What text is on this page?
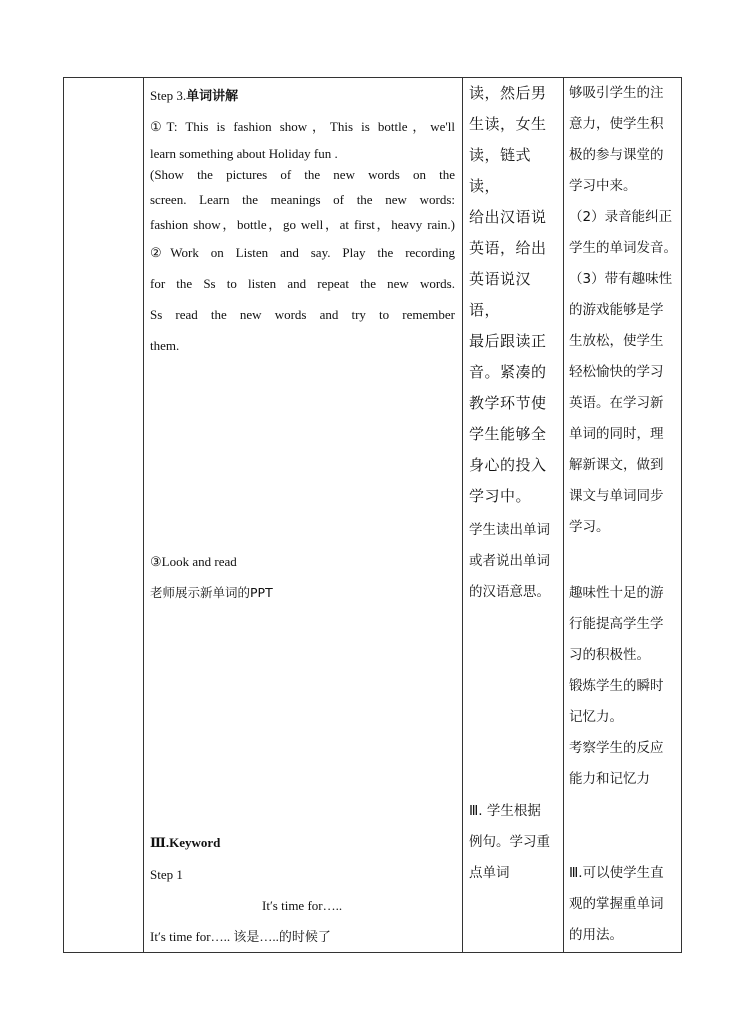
Step 3.单词讲解
①T: This is fashion show，This is bottle，we'll
learn something about Holiday fun .
(Show the pictures of the new words on the
screen. Learn the meanings of the new words:
fashion show，bottle，go well，at first，heavy rain.)
②Work on Listen and say. Play the recording
for the Ss to listen and repeat the new words.
Ss read the new words and try to remember
them.
③Look and read
老师展示新单词的PPT
Ⅲ.Keyword
Step 1
It′s time for…..
It′s time for….. 该是…..的时候了
读，然后男
生读，女生
读，链式读，
给出汉语说
英语，给出
英语说汉语，
最后跟读正
音。紧凑的
教学环节使
学生能够全
身心的投入
学习中。
学生读出单词
或者说出单词
的汉语意思。
Ⅲ. 学生根据
例句。学习重
点单词
够吸引学生的注
意力，使学生积
极的参与课堂的
学习中来。
（2）录音能纠正
学生的单词发音。
（3）带有趣味性
的游戏能够是学
生放松，使学生
轻松愉快的学习
英语。在学习新
单词的同时，理
解新课文，做到
课文与单词同步
学习。
趣味性十足的游
行能提高学生学
习的积极性。
锻炼学生的瞬时
记忆力。
考察学生的反应
能力和记忆力
Ⅲ.可以使学生直
观的掌握重单词
的用法。
